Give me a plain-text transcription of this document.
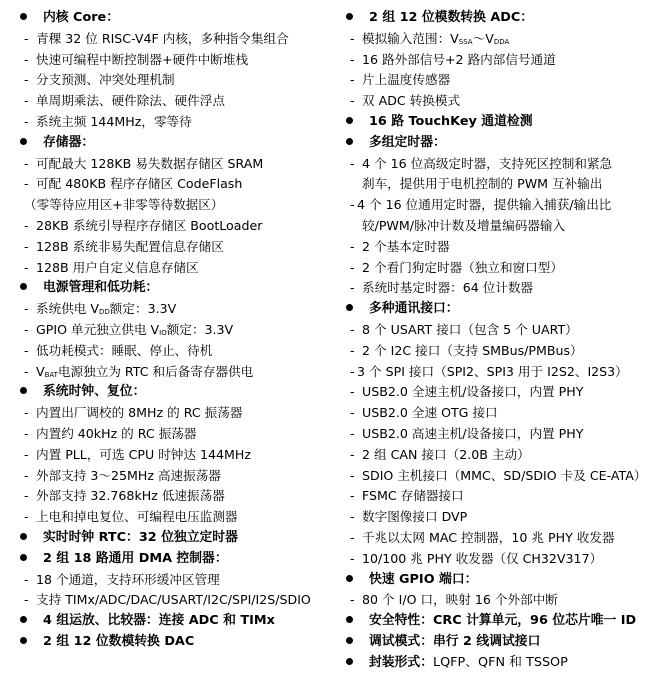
内核 Core：
- 青稞 32 位 RISC-V4F 内核，多种指令集组合
- 快速可编程中断控制器+硬件中断堆栈
- 分支预测、冲突处理机制
- 单周期乘法、硬件除法、硬件浮点
- 系统主频 144MHz，零等待
存储器：
- 可配最大 128KB 易失数据存储区 SRAM
- 可配 480KB 程序存储区 CodeFlash
（零等待应用区+非零等待数据区）
- 28KB 系统引导程序存储区 BootLoader
- 128B 系统非易失配置信息存储区
- 128B 用户自定义信息存储区
电源管理和低功耗：
- 系统供电 $V_{DD}$额定：3.3V
- GPIO 单元独立供电 $V_{IO}$额定：3.3V
- 低功耗模式：睡眠、停止、待机
- $V_{BAT}$电源独立为 RTC 和后备寄存器供电
系统时钟、复位：
- 内置出厂调校的 8MHz 的 RC 振荡器
- 内置约 40kHz 的 RC 振荡器
- 内置 PLL，可选 CPU 时钟达 144MHz
- 外部支持 3～25MHz 高速振荡器
- 外部支持 32.768kHz 低速振荡器
- 上电和掉电复位、可编程电压监测器
实时时钟 RTC：32 位独立定时器
2 组 18 路通用 DMA 控制器：
- 18 个通道，支持环形缓冲区管理
- 支持 TIMx/ADC/DAC/USART/I2C/SPI/I2S/SDIO
4 组运放、比较器：连接 ADC 和 TIMx
2 组 12 位数模转换 DAC
2 组 12 位模数转换 ADC：
- 模拟输入范围：$V_{SSA}\sim V_{DDA}$
- 16 路外部信号+2 路内部信号通道
- 片上温度传感器
- 双 ADC 转换模式
16 路 TouchKey 通道检测
多组定时器：
- 4 个 16 位高级定时器，支持死区控制和紧急
刹车，提供用于电机控制的 PWM 互补输出
- 4 个 16 位通用定时器，提供输入捕获/输出比
较/PWM/脉冲计数及增量编码器输入
- 2 个基本定时器
- 2 个看门狗定时器（独立和窗口型）
- 系统时基定时器：64 位计数器
多种通讯接口：
- 8 个 USART 接口（包含 5 个 UART）
- 2 个 I2C 接口（支持 SMBus/PMBus）
- 3 个 SPI 接口（SPI2、SPI3 用于 I2S2、I2S3）
- USB2.0 全速主机/设备接口，内置 PHY
- USB2.0 全速 OTG 接口
- USB2.0 高速主机/设备接口，内置 PHY
- 2 组 CAN 接口（2.0B 主动）
- SDIO 主机接口（MMC、SD/SDIO 卡及 CE-ATA）
- FSMC 存储器接口
- 数字图像接口 DVP
- 千兆以太网 MAC 控制器，10 兆 PHY 收发器
- 10/100 兆 PHY 收发器（仅 CH32V317）
快速 GPIO 端口：
- 80 个 I/O 口，映射 16 个外部中断
安全特性：CRC 计算单元，96 位芯片唯一 ID
调试模式：串行 2 线调试接口
封装形式：LQFP、QFN 和 TSSOP
